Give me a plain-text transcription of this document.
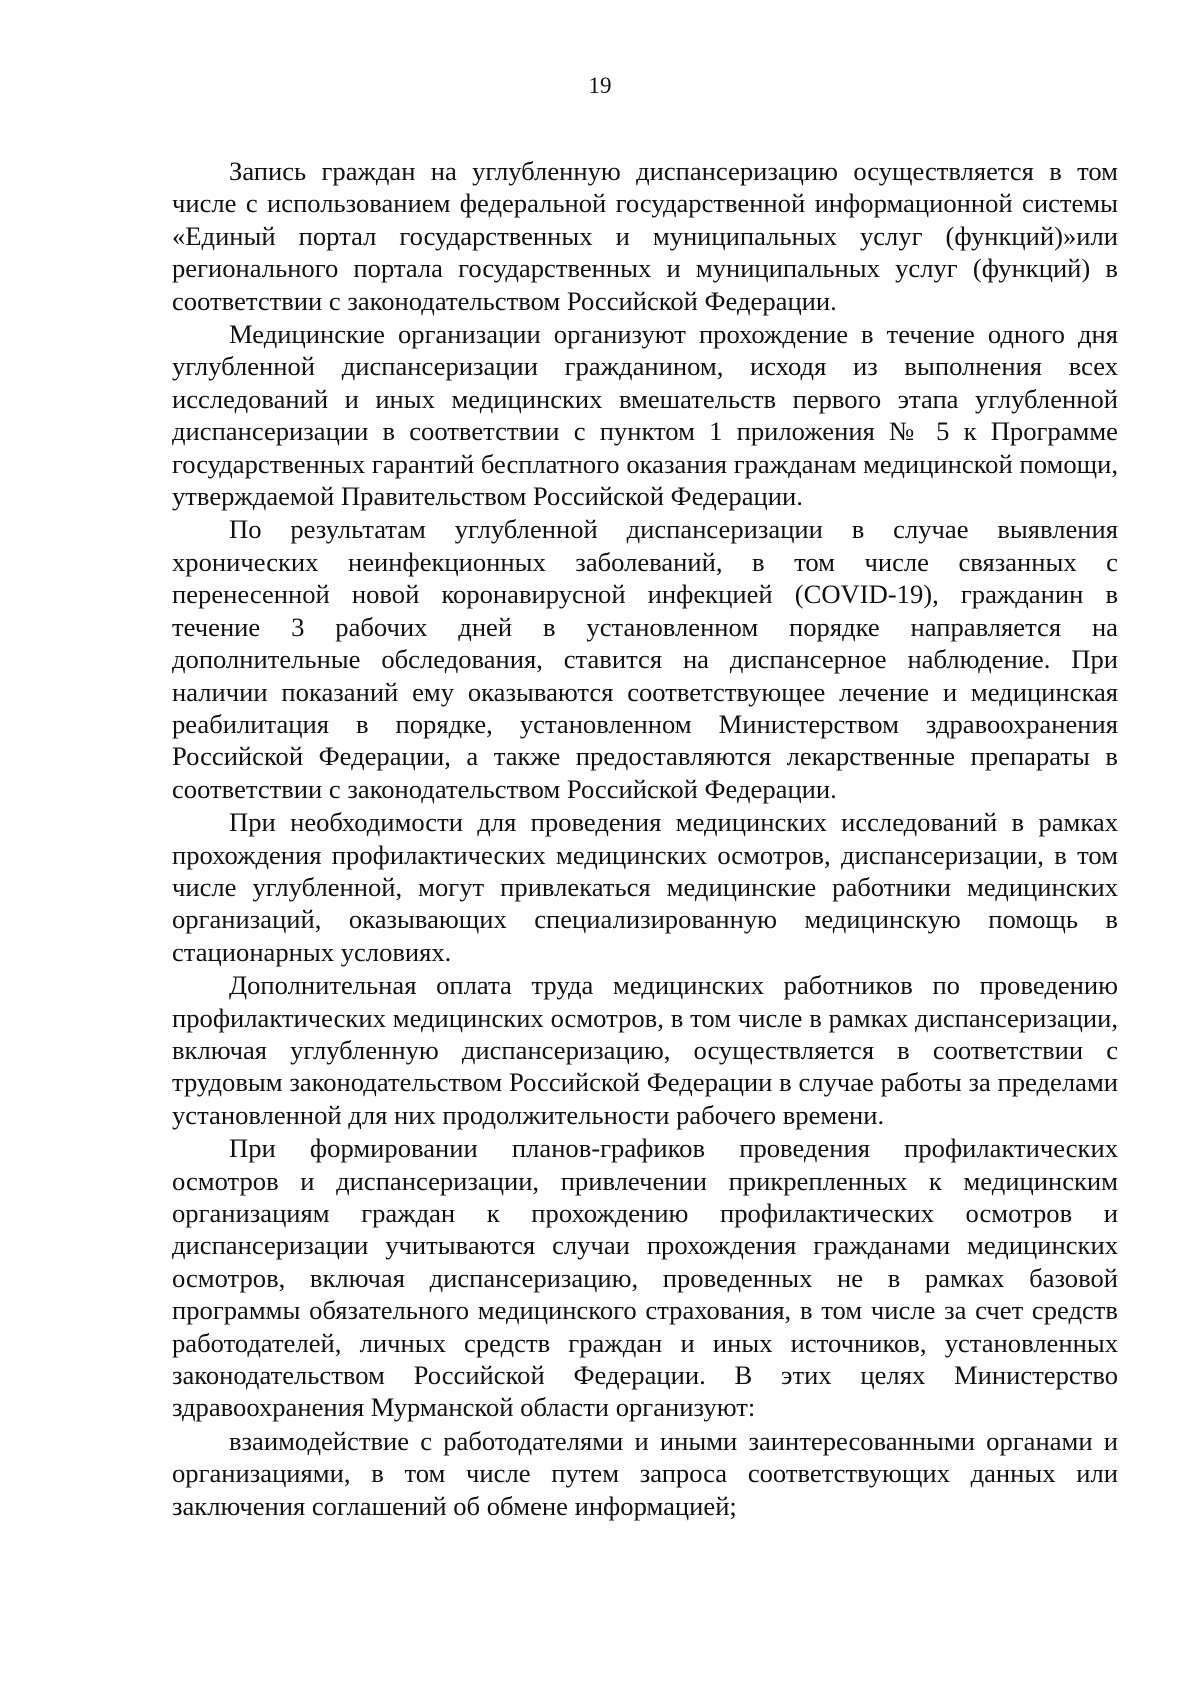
19

Запись граждан на углубленную диспансеризацию осуществляется в том числе с использованием федеральной государственной информационной системы «Единый портал государственных и муниципальных услуг (функций)»или регионального портала государственных и муниципальных услуг (функций) в соответствии с законодательством Российской Федерации.

Медицинские организации организуют прохождение в течение одного дня углубленной диспансеризации гражданином, исходя из выполнения всех исследований и иных медицинских вмешательств первого этапа углубленной диспансеризации в соответствии с пунктом 1 приложения № 5 к Программе государственных гарантий бесплатного оказания гражданам медицинской помощи, утверждаемой Правительством Российской Федерации.

По результатам углубленной диспансеризации в случае выявления хронических неинфекционных заболеваний, в том числе связанных с перенесенной новой коронавирусной инфекцией (COVID-19), гражданин в течение 3 рабочих дней в установленном порядке направляется на дополнительные обследования, ставится на диспансерное наблюдение. При наличии показаний ему оказываются соответствующее лечение и медицинская реабилитация в порядке, установленном Министерством здравоохранения Российской Федерации, а также предоставляются лекарственные препараты в соответствии с законодательством Российской Федерации.

При необходимости для проведения медицинских исследований в рамках прохождения профилактических медицинских осмотров, диспансеризации, в том числе углубленной, могут привлекаться медицинские работники медицинских организаций, оказывающих специализированную медицинскую помощь в стационарных условиях.

Дополнительная оплата труда медицинских работников по проведению профилактических медицинских осмотров, в том числе в рамках диспансеризации, включая углубленную диспансеризацию, осуществляется в соответствии с трудовым законодательством Российской Федерации в случае работы за пределами установленной для них продолжительности рабочего времени.

При формировании планов-графиков проведения профилактических осмотров и диспансеризации, привлечении прикрепленных к медицинским организациям граждан к прохождению профилактических осмотров и диспансеризации учитываются случаи прохождения гражданами медицинских осмотров, включая диспансеризацию, проведенных не в рамках базовой программы обязательного медицинского страхования, в том числе за счет средств работодателей, личных средств граждан и иных источников, установленных законодательством Российской Федерации. В этих целях Министерство здравоохранения Мурманской области организуют:

взаимодействие с работодателями и иными заинтересованными органами и организациями, в том числе путем запроса соответствующих данных или заключения соглашений об обмене информацией;
